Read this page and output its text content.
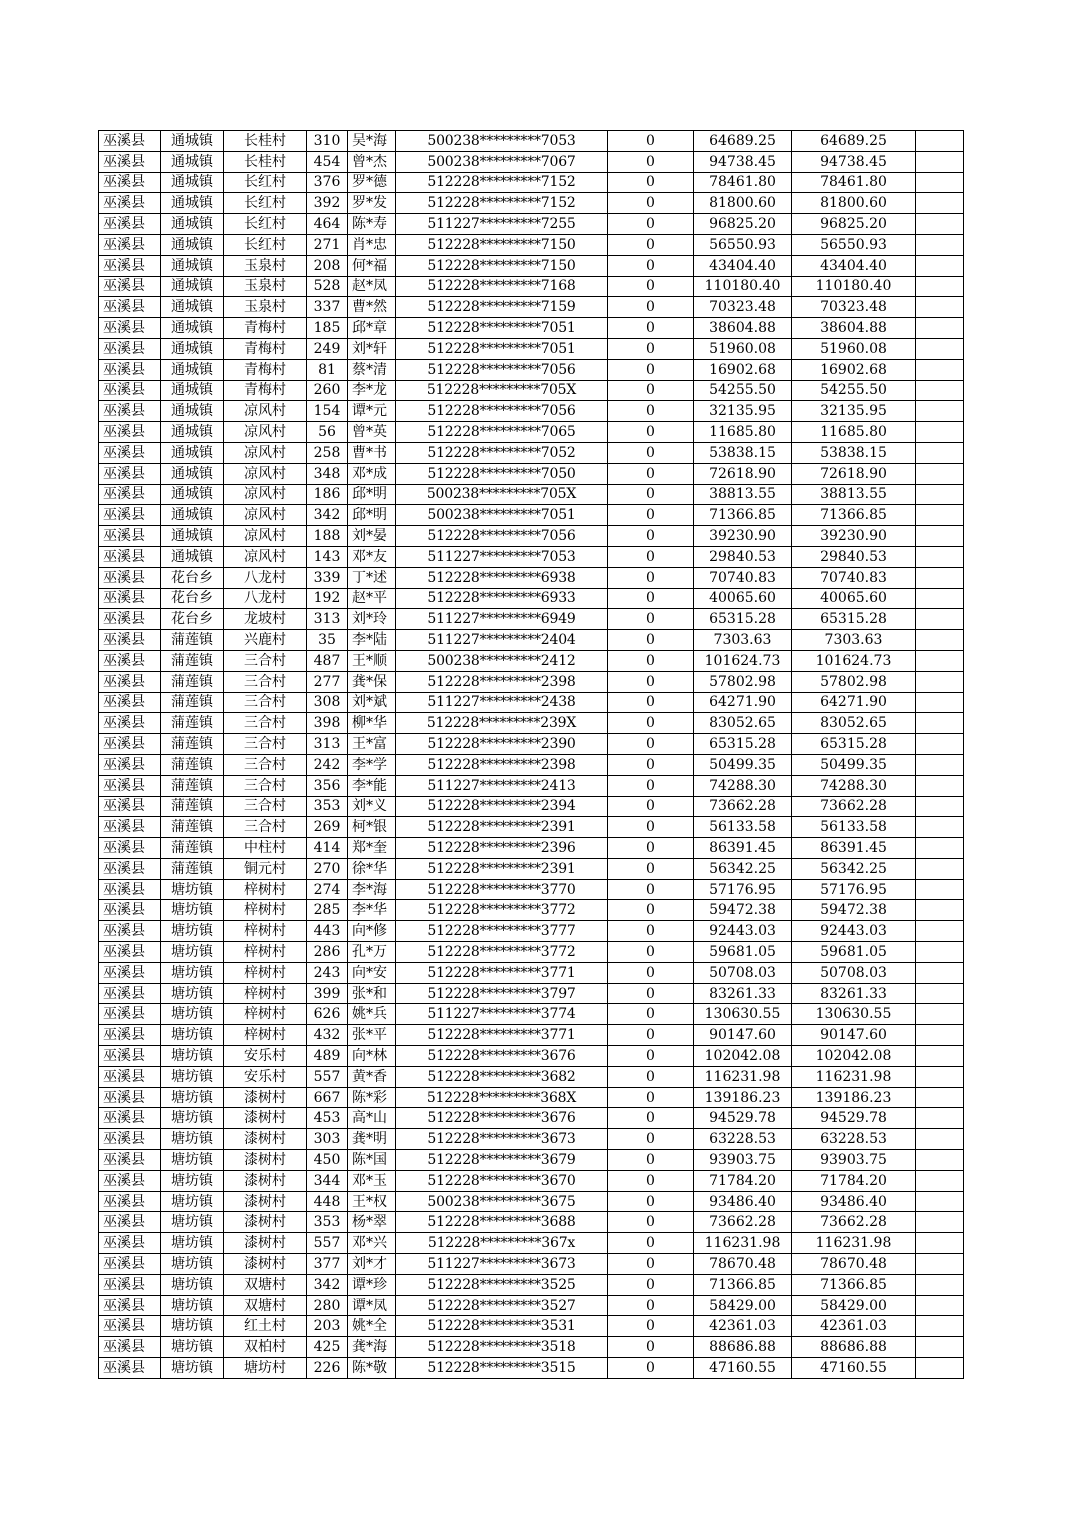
巫溪县	通城镇	长桂村	310	吴*海	500238*********7053	0	64689.25	64689.25	
巫溪县	通城镇	长桂村	454	曾*杰	500238*********7067	0	94738.45	94738.45	
巫溪县	通城镇	长红村	376	罗*德	512228*********7152	0	78461.80	78461.80	
巫溪县	通城镇	长红村	392	罗*发	512228*********7152	0	81800.60	81800.60	
巫溪县	通城镇	长红村	464	陈*寿	511227*********7255	0	96825.20	96825.20	
巫溪县	通城镇	长红村	271	肖*忠	512228*********7150	0	56550.93	56550.93	
巫溪县	通城镇	玉泉村	208	何*福	512228*********7150	0	43404.40	43404.40	
巫溪县	通城镇	玉泉村	528	赵*凤	512228*********7168	0	110180.40	110180.40	
巫溪县	通城镇	玉泉村	337	曹*然	512228*********7159	0	70323.48	70323.48	
巫溪县	通城镇	青梅村	185	邱*章	512228*********7051	0	38604.88	38604.88	
巫溪县	通城镇	青梅村	249	刘*轩	512228*********7051	0	51960.08	51960.08	
巫溪县	通城镇	青梅村	81	蔡*清	512228*********7056	0	16902.68	16902.68	
巫溪县	通城镇	青梅村	260	李*龙	512228*********705X	0	54255.50	54255.50	
巫溪县	通城镇	凉风村	154	谭*元	512228*********7056	0	32135.95	32135.95	
巫溪县	通城镇	凉风村	56	曾*英	512228*********7065	0	11685.80	11685.80	
巫溪县	通城镇	凉风村	258	曹*书	512228*********7052	0	53838.15	53838.15	
巫溪县	通城镇	凉风村	348	邓*成	512228*********7050	0	72618.90	72618.90	
巫溪县	通城镇	凉风村	186	邱*明	500238*********705X	0	38813.55	38813.55	
巫溪县	通城镇	凉风村	342	邱*明	500238*********7051	0	71366.85	71366.85	
巫溪县	通城镇	凉风村	188	刘*晏	512228*********7056	0	39230.90	39230.90	
巫溪县	通城镇	凉风村	143	邓*友	511227*********7053	0	29840.53	29840.53	
巫溪县	花台乡	八龙村	339	丁*述	512228*********6938	0	70740.83	70740.83	
巫溪县	花台乡	八龙村	192	赵*平	512228*********6933	0	40065.60	40065.60	
巫溪县	花台乡	龙坡村	313	刘*玲	511227*********6949	0	65315.28	65315.28	
巫溪县	蒲莲镇	兴鹿村	35	李*陆	511227*********2404	0	7303.63	7303.63	
巫溪县	蒲莲镇	三合村	487	王*顺	500238*********2412	0	101624.73	101624.73	
巫溪县	蒲莲镇	三合村	277	龚*保	512228*********2398	0	57802.98	57802.98	
巫溪县	蒲莲镇	三合村	308	刘*斌	511227*********2438	0	64271.90	64271.90	
巫溪县	蒲莲镇	三合村	398	柳*华	512228*********239X	0	83052.65	83052.65	
巫溪县	蒲莲镇	三合村	313	王*富	512228*********2390	0	65315.28	65315.28	
巫溪县	蒲莲镇	三合村	242	李*学	512228*********2398	0	50499.35	50499.35	
巫溪县	蒲莲镇	三合村	356	李*能	511227*********2413	0	74288.30	74288.30	
巫溪县	蒲莲镇	三合村	353	刘*义	512228*********2394	0	73662.28	73662.28	
巫溪县	蒲莲镇	三合村	269	柯*银	512228*********2391	0	56133.58	56133.58	
巫溪县	蒲莲镇	中柱村	414	郑*奎	512228*********2396	0	86391.45	86391.45	
巫溪县	蒲莲镇	铜元村	270	徐*华	512228*********2391	0	56342.25	56342.25	
巫溪县	塘坊镇	梓树村	274	李*海	512228*********3770	0	57176.95	57176.95	
巫溪县	塘坊镇	梓树村	285	李*华	512228*********3772	0	59472.38	59472.38	
巫溪县	塘坊镇	梓树村	443	向*修	512228*********3777	0	92443.03	92443.03	
巫溪县	塘坊镇	梓树村	286	孔*万	512228*********3772	0	59681.05	59681.05	
巫溪县	塘坊镇	梓树村	243	向*安	512228*********3771	0	50708.03	50708.03	
巫溪县	塘坊镇	梓树村	399	张*和	512228*********3797	0	83261.33	83261.33	
巫溪县	塘坊镇	梓树村	626	姚*兵	511227*********3774	0	130630.55	130630.55	
巫溪县	塘坊镇	梓树村	432	张*平	512228*********3771	0	90147.60	90147.60	
巫溪县	塘坊镇	安乐村	489	向*林	512228*********3676	0	102042.08	102042.08	
巫溪县	塘坊镇	安乐村	557	黄*香	512228*********3682	0	116231.98	116231.98	
巫溪县	塘坊镇	漆树村	667	陈*彩	512228*********368X	0	139186.23	139186.23	
巫溪县	塘坊镇	漆树村	453	高*山	512228*********3676	0	94529.78	94529.78	
巫溪县	塘坊镇	漆树村	303	龚*明	512228*********3673	0	63228.53	63228.53	
巫溪县	塘坊镇	漆树村	450	陈*国	512228*********3679	0	93903.75	93903.75	
巫溪县	塘坊镇	漆树村	344	邓*玉	512228*********3670	0	71784.20	71784.20	
巫溪县	塘坊镇	漆树村	448	王*权	500238*********3675	0	93486.40	93486.40	
巫溪县	塘坊镇	漆树村	353	杨*翠	512228*********3688	0	73662.28	73662.28	
巫溪县	塘坊镇	漆树村	557	邓*兴	512228*********367x	0	116231.98	116231.98	
巫溪县	塘坊镇	漆树村	377	刘*才	511227*********3673	0	78670.48	78670.48	
巫溪县	塘坊镇	双塘村	342	谭*珍	512228*********3525	0	71366.85	71366.85	
巫溪县	塘坊镇	双塘村	280	谭*凤	512228*********3527	0	58429.00	58429.00	
巫溪县	塘坊镇	红土村	203	姚*全	512228*********3531	0	42361.03	42361.03	
巫溪县	塘坊镇	双柏村	425	龚*海	512228*********3518	0	88686.88	88686.88	
巫溪县	塘坊镇	塘坊村	226	陈*敬	512228*********3515	0	47160.55	47160.55	
